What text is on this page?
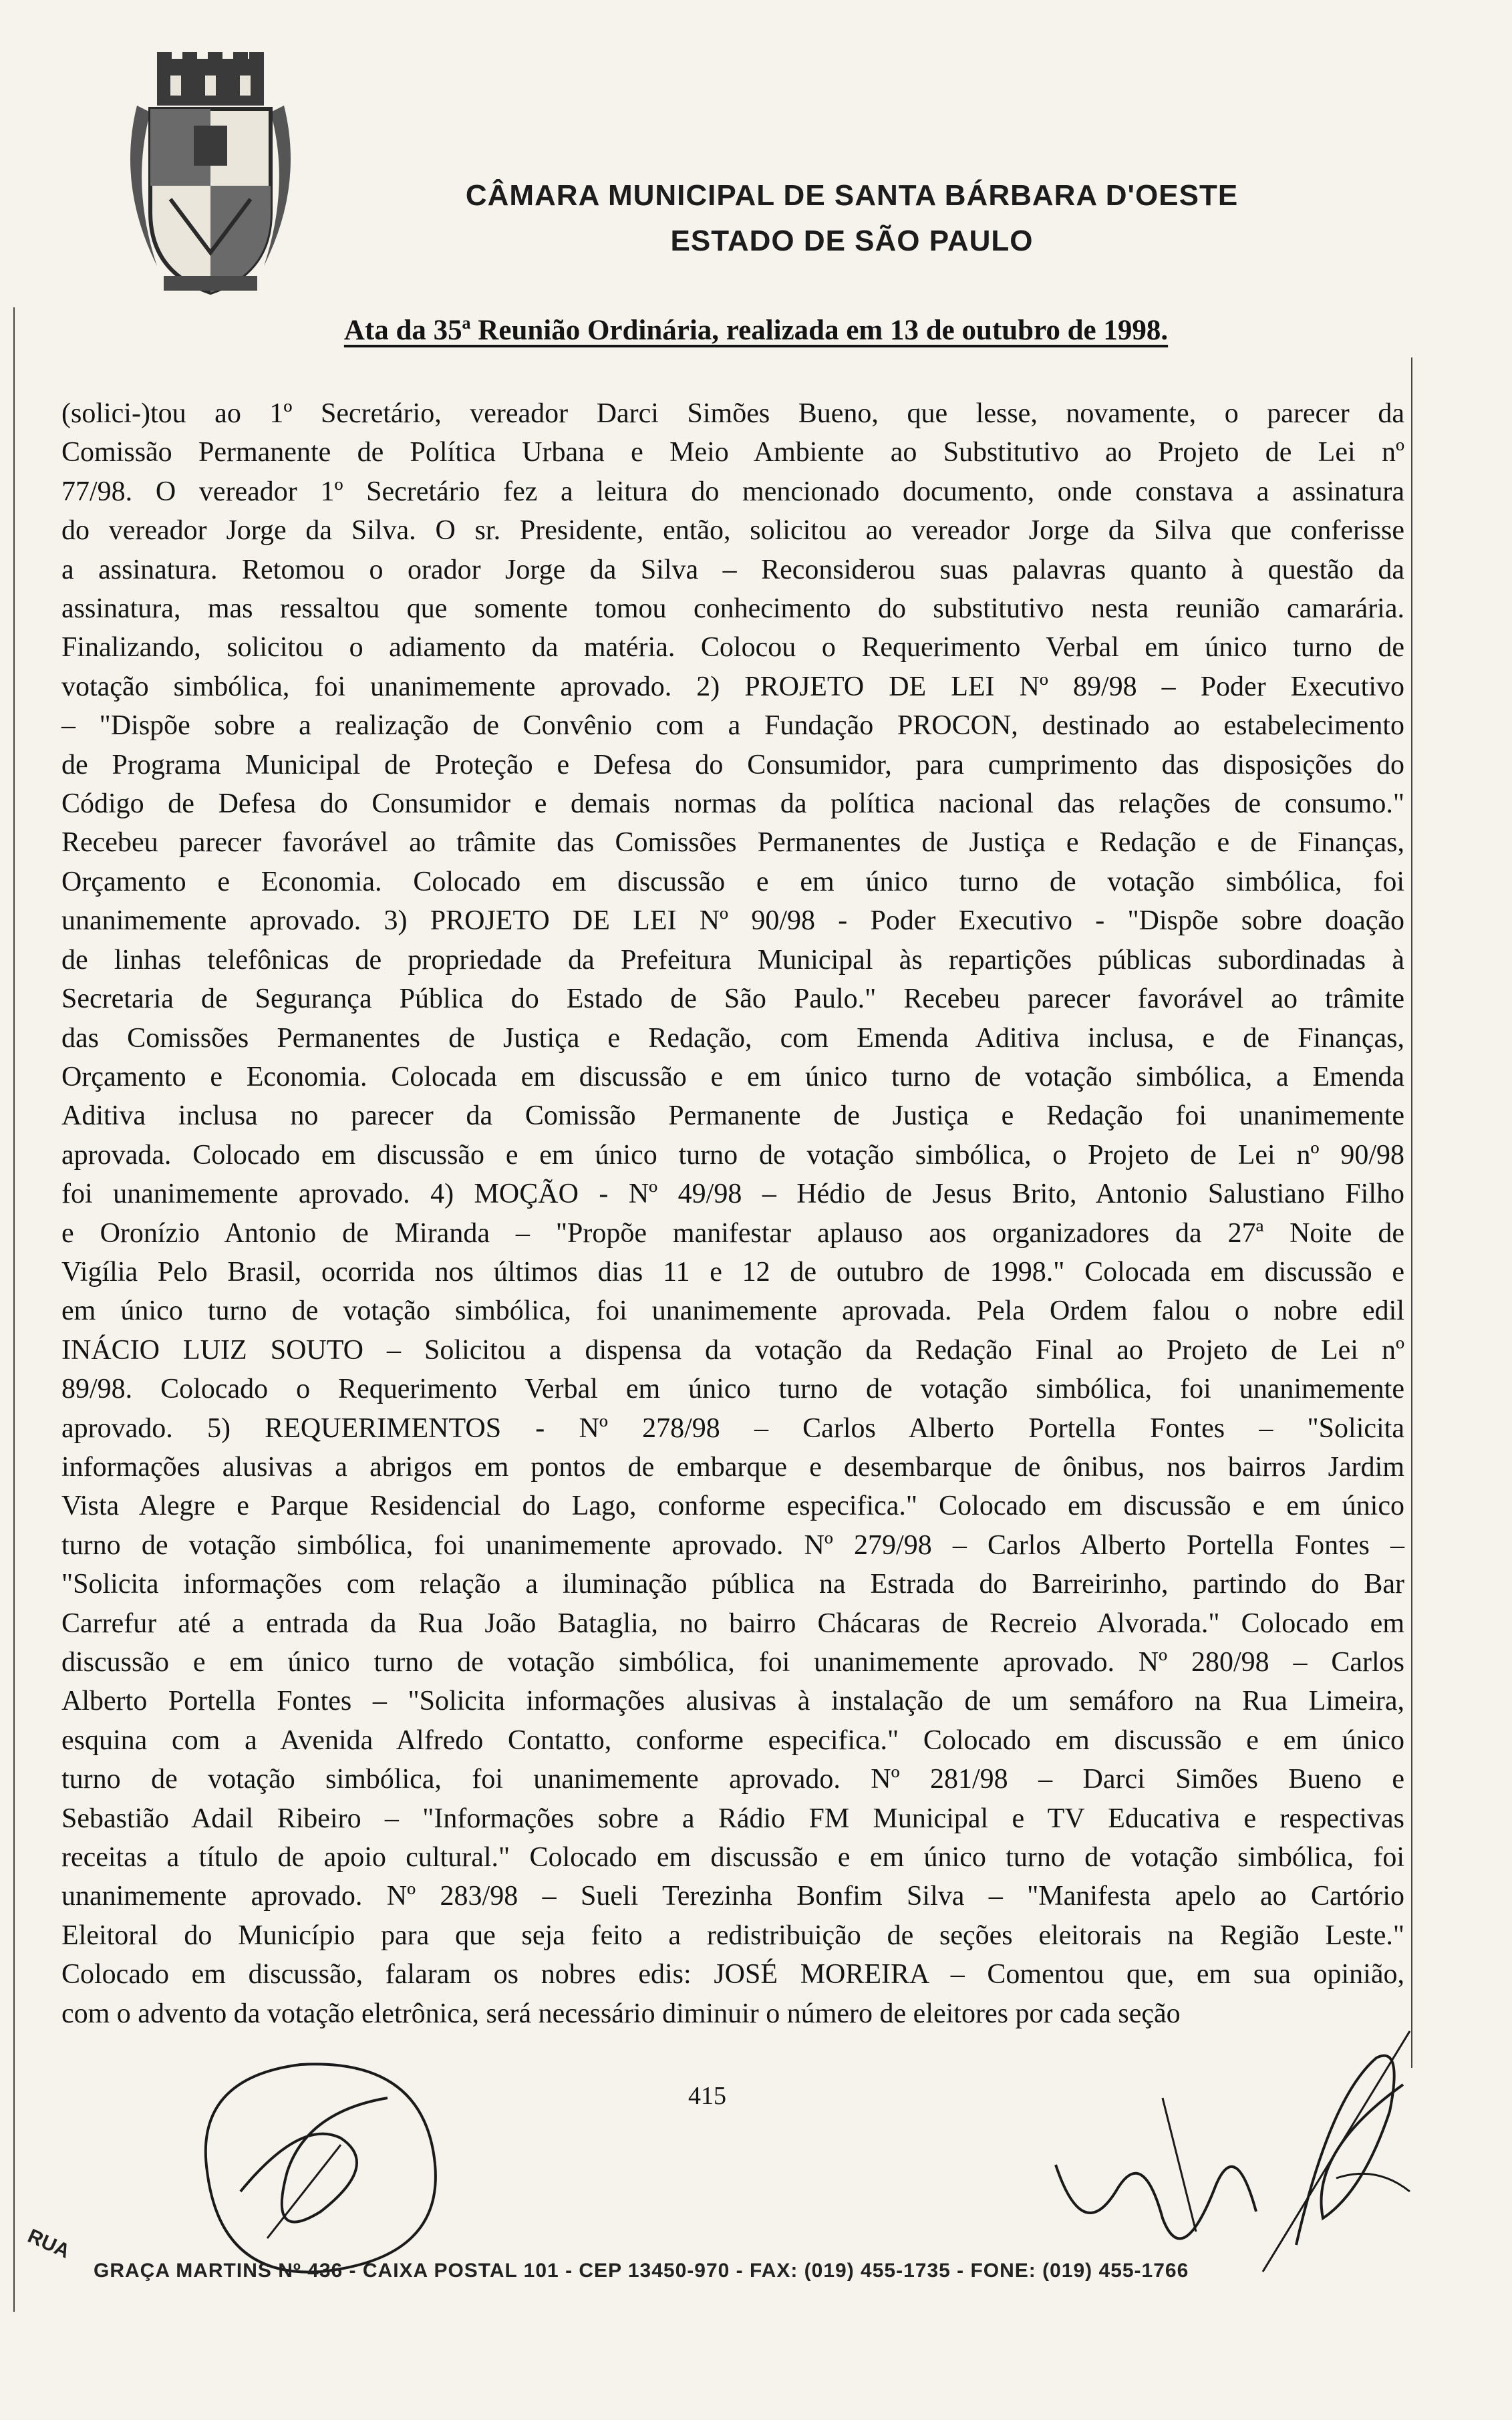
CÂMARA MUNICIPAL DE SANTA BÁRBARA D'OESTE
ESTADO DE SÃO PAULO
Ata da 35ª Reunião Ordinária, realizada em 13 de outubro de 1998.

(solici-)tou ao 1º Secretário, vereador Darci Simões Bueno, que lesse, novamente, o parecer da

Comissão Permanente de Política Urbana e Meio Ambiente ao Substitutivo ao Projeto de Lei nº

77/98. O vereador 1º Secretário fez a leitura do mencionado documento, onde constava a assinatura

do vereador Jorge da Silva. O sr. Presidente, então, solicitou ao vereador Jorge da Silva que conferisse

a assinatura. Retomou o orador Jorge da Silva – Reconsiderou suas palavras quanto à questão da

assinatura, mas ressaltou que somente tomou conhecimento do substitutivo nesta reunião camarária.

Finalizando, solicitou o adiamento da matéria. Colocou o Requerimento Verbal em único turno de

votação simbólica, foi unanimemente aprovado. 2) PROJETO DE LEI Nº 89/98 – Poder Executivo

– "Dispõe sobre a realização de Convênio com a Fundação PROCON, destinado ao estabelecimento

de Programa Municipal de Proteção e Defesa do Consumidor, para cumprimento das disposições do

Código de Defesa do Consumidor e demais normas da política nacional das relações de consumo."

Recebeu parecer favorável ao trâmite das Comissões Permanentes de Justiça e Redação e de Finanças,

Orçamento e Economia. Colocado em discussão e em único turno de votação simbólica, foi

unanimemente aprovado. 3) PROJETO DE LEI Nº 90/98 - Poder Executivo - "Dispõe sobre doação

de linhas telefônicas de propriedade da Prefeitura Municipal às repartições públicas subordinadas à

Secretaria de Segurança Pública do Estado de São Paulo." Recebeu parecer favorável ao trâmite

das Comissões Permanentes de Justiça e Redação, com Emenda Aditiva inclusa, e de Finanças,

Orçamento e Economia. Colocada em discussão e em único turno de votação simbólica, a Emenda

Aditiva inclusa no parecer da Comissão Permanente de Justiça e Redação foi unanimemente

aprovada. Colocado em discussão e em único turno de votação simbólica, o Projeto de Lei nº 90/98

foi unanimemente aprovado. 4) MOÇÃO - Nº 49/98 – Hédio de Jesus Brito, Antonio Salustiano Filho

e Oronízio Antonio de Miranda – "Propõe manifestar aplauso aos organizadores da 27ª Noite de

Vigília Pelo Brasil, ocorrida nos últimos dias 11 e 12 de outubro de 1998." Colocada em discussão e

em único turno de votação simbólica, foi unanimemente aprovada. Pela Ordem falou o nobre edil

INÁCIO LUIZ SOUTO – Solicitou a dispensa da votação da Redação Final ao Projeto de Lei nº

89/98. Colocado o Requerimento Verbal em único turno de votação simbólica, foi unanimemente

aprovado. 5) REQUERIMENTOS - Nº 278/98 – Carlos Alberto Portella Fontes – "Solicita

informações alusivas a abrigos em pontos de embarque e desembarque de ônibus, nos bairros Jardim

Vista Alegre e Parque Residencial do Lago, conforme especifica." Colocado em discussão e em único

turno de votação simbólica, foi unanimemente aprovado. Nº 279/98 – Carlos Alberto Portella Fontes –

"Solicita informações com relação a iluminação pública na Estrada do Barreirinho, partindo do Bar

Carrefur até a entrada da Rua João Bataglia, no bairro Chácaras de Recreio Alvorada." Colocado em

discussão e em único turno de votação simbólica, foi unanimemente aprovado. Nº 280/98 – Carlos

Alberto Portella Fontes – "Solicita informações alusivas à instalação de um semáforo na Rua Limeira,

esquina com a Avenida Alfredo Contatto, conforme especifica." Colocado em discussão e em único

turno de votação simbólica, foi unanimemente aprovado. Nº 281/98 – Darci Simões Bueno e

Sebastião Adail Ribeiro – "Informações sobre a Rádio FM Municipal e TV Educativa e respectivas

receitas a título de apoio cultural." Colocado em discussão e em único turno de votação simbólica, foi

unanimemente aprovado. Nº 283/98 – Sueli Terezinha Bonfim Silva – "Manifesta apelo ao Cartório

Eleitoral do Município para que seja feito a redistribuição de seções eleitorais na Região Leste."

Colocado em discussão, falaram os nobres edis: JOSÉ MOREIRA – Comentou que, em sua opinião,

com o advento da votação eletrônica, será necessário diminuir o número de eleitores por cada seção

415
RUA
GRAÇA MARTINS Nº 436 - CAIXA POSTAL 101 - CEP 13450-970 - FAX: (019) 455-1735 - FONE: (019) 455-1766
